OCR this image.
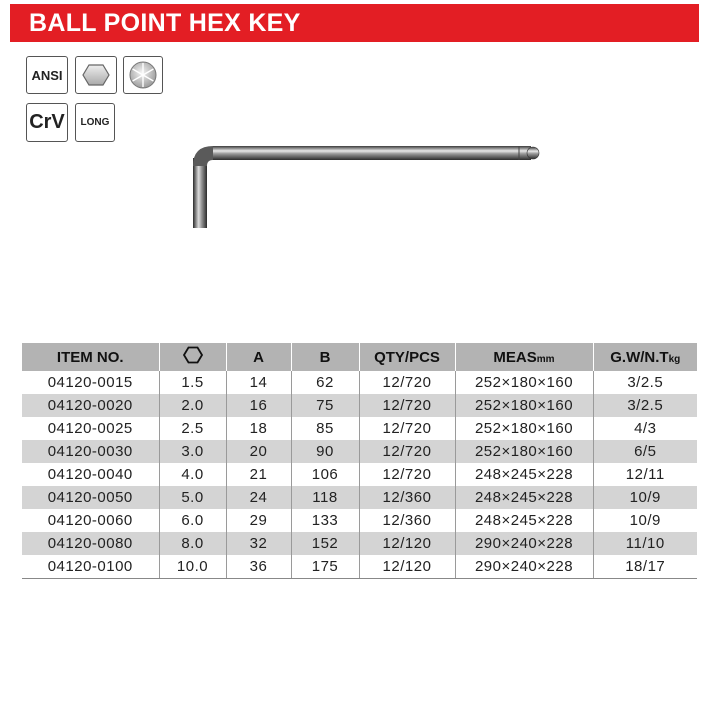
BALL POINT HEX KEY
ANSI
CrV LONG
ITEM NO.		A	B	QTY/PCS	MEASmm	G.W/N.Tkg
04120-0015	1.5	14	62	12/720	252×180×160	3/2.5
04120-0020	2.0	16	75	12/720	252×180×160	3/2.5
04120-0025	2.5	18	85	12/720	252×180×160	4/3
04120-0030	3.0	20	90	12/720	252×180×160	6/5
04120-0040	4.0	21	106	12/720	248×245×228	12/11
04120-0050	5.0	24	118	12/360	248×245×228	10/9
04120-0060	6.0	29	133	12/360	248×245×228	10/9
04120-0080	8.0	32	152	12/120	290×240×228	11/10
04120-0100	10.0	36	175	12/120	290×240×228	18/17
